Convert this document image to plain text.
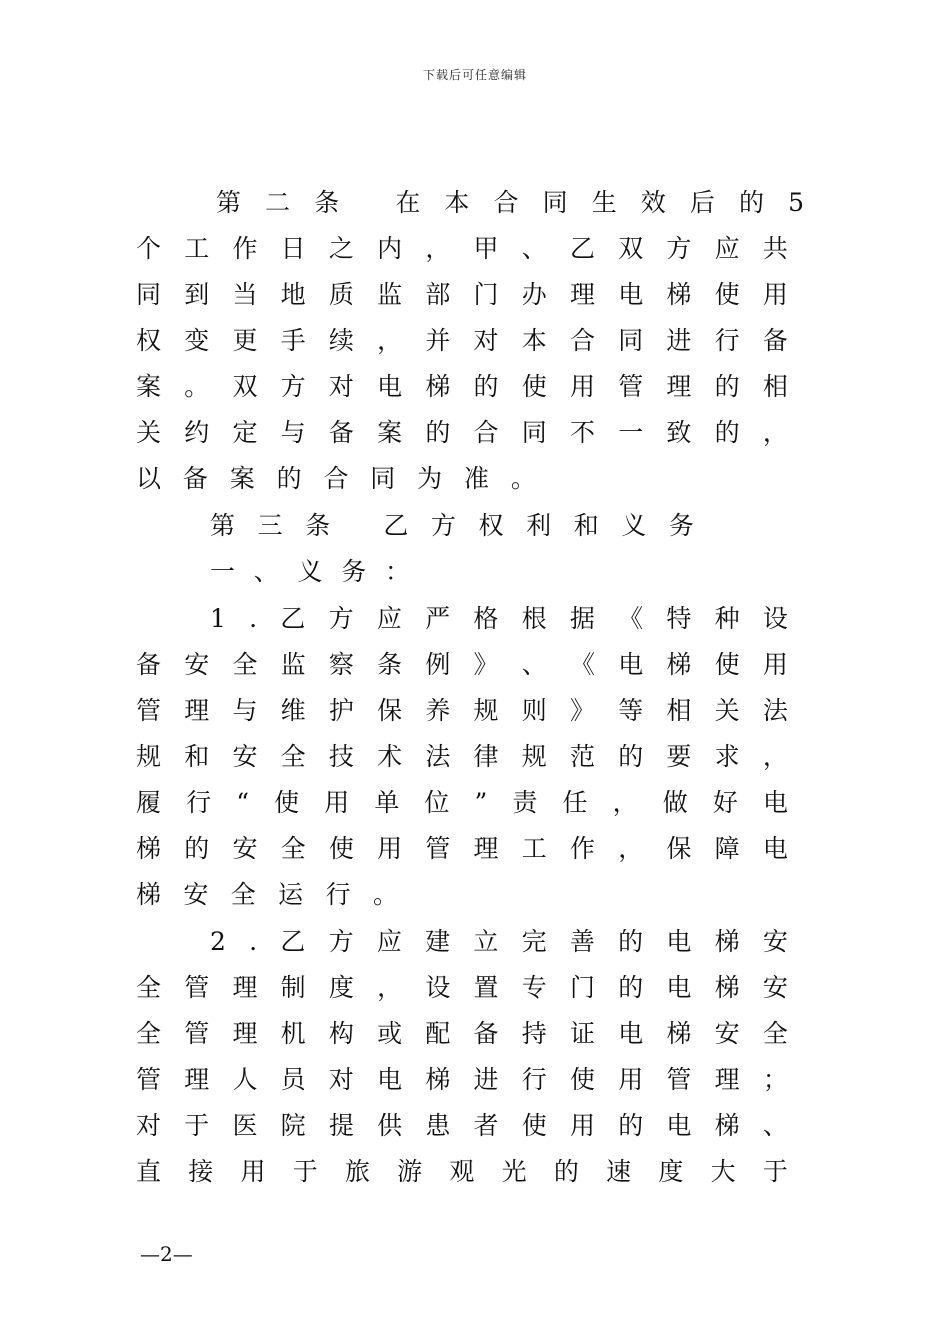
下载后可任意编辑
第 二 条
在 本 合 同 生 效 后 的 5
个 工 作 日 之 内 ， 甲 、 乙 双 方 应 共
同 到 当 地 质 监 部 门 办 理 电 梯 使 用
权 变 更 手 续 ， 并 对 本 合 同 进 行 备
案 。 双 方 对 电 梯 的 使 用 管 理 的 相
关 约 定 与 备 案 的 合 同 不 一 致 的 ，
以 备 案 的 合 同 为 准 。
第 三 条
乙 方 权 利 和 义 务
一 、 义 务 ：
1 . 乙 方 应 严 格 根 据 《 特 种 设
备 安 全 监 察 条 例 》 、 《 电 梯 使 用
管 理 与 维 护 保 养 规 则 》 等 相 关 法
规 和 安 全 技 术 法 律 规 范 的 要 求 ，
履 行 “ 使 用 单 位 ” 责 任 ， 做 好 电
梯 的 安 全 使 用 管 理 工 作 ， 保 障 电
梯 安 全 运 行 。
2 . 乙 方 应 建 立 完 善 的 电 梯 安
全 管 理 制 度 ， 设 置 专 门 的 电 梯 安
全 管 理 机 构 或 配 备 持 证 电 梯 安 全
管 理 人 员 对 电 梯 进 行 使 用 管 理 ；
对 于 医 院 提 供 患 者 使 用 的 电 梯 、
直 接 用 于 旅 游 观 光 的 速 度 大 于
—2—
